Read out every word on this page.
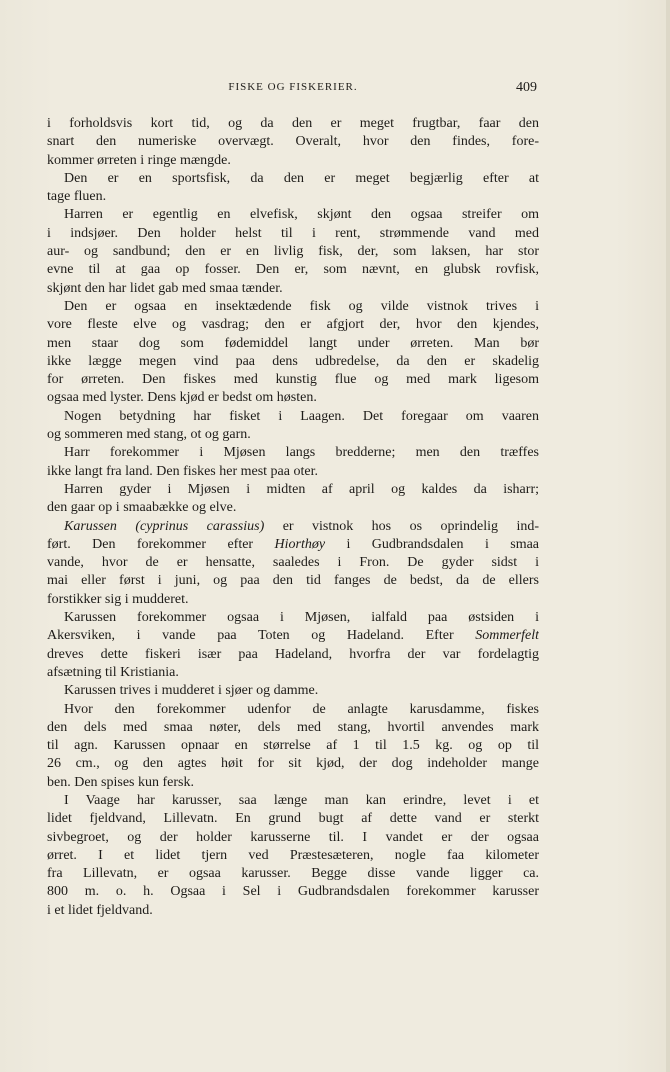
FISKE OG FISKERIER.	409
i forholdsvis kort tid, og da den er meget frugtbar, faar den
snart den numeriske overvægt. Overalt, hvor den findes, fore-
kommer ørreten i ringe mængde.
Den er en sportsfisk, da den er meget begjærlig efter at
tage fluen.
Harren er egentlig en elvefisk, skjønt den ogsaa streifer om
i indsjøer. Den holder helst til i rent, strømmende vand med
aur- og sandbund; den er en livlig fisk, der, som laksen, har stor
evne til at gaa op fosser. Den er, som nævnt, en glubsk rovfisk,
skjønt den har lidet gab med smaa tænder.
Den er ogsaa en insektædende fisk og vilde vistnok trives i
vore fleste elve og vasdrag; den er afgjort der, hvor den kjendes,
men staar dog som fødemiddel langt under ørreten. Man bør
ikke lægge megen vind paa dens udbredelse, da den er skadelig
for ørreten. Den fiskes med kunstig flue og med mark ligesom
ogsaa med lyster. Dens kjød er bedst om høsten.
Nogen betydning har fisket i Laagen. Det foregaar om vaaren
og sommeren med stang, ot og garn.
Harr forekommer i Mjøsen langs bredderne; men den træffes
ikke langt fra land. Den fiskes her mest paa oter.
Harren gyder i Mjøsen i midten af april og kaldes da isharr;
den gaar op i smaabække og elve.
Karussen (cyprinus carassius) er vistnok hos os oprindelig ind-
ført. Den forekommer efter Hiorthøy i Gudbrandsdalen i smaa
vande, hvor de er hensatte, saaledes i Fron. De gyder sidst i
mai eller først i juni, og paa den tid fanges de bedst, da de ellers
forstikker sig i mudderet.
Karussen forekommer ogsaa i Mjøsen, ialfald paa østsiden i
Akersviken, i vande paa Toten og Hadeland. Efter Sommerfelt
dreves dette fiskeri især paa Hadeland, hvorfra der var fordelagtig
afsætning til Kristiania.
Karussen trives i mudderet i sjøer og damme.
Hvor den forekommer udenfor de anlagte karusdamme, fiskes
den dels med smaa nøter, dels med stang, hvortil anvendes mark
til agn. Karussen opnaar en størrelse af 1 til 1.5 kg. og op til
26 cm., og den agtes høit for sit kjød, der dog indeholder mange
ben. Den spises kun fersk.
I Vaage har karusser, saa længe man kan erindre, levet i et
lidet fjeldvand, Lillevatn. En grund bugt af dette vand er sterkt
sivbegroet, og der holder karusserne til. I vandet er der ogsaa
ørret. I et lidet tjern ved Præstesæteren, nogle faa kilometer
fra Lillevatn, er ogsaa karusser. Begge disse vande ligger ca.
800 m. o. h. Ogsaa i Sel i Gudbrandsdalen forekommer karusser
i et lidet fjeldvand.
